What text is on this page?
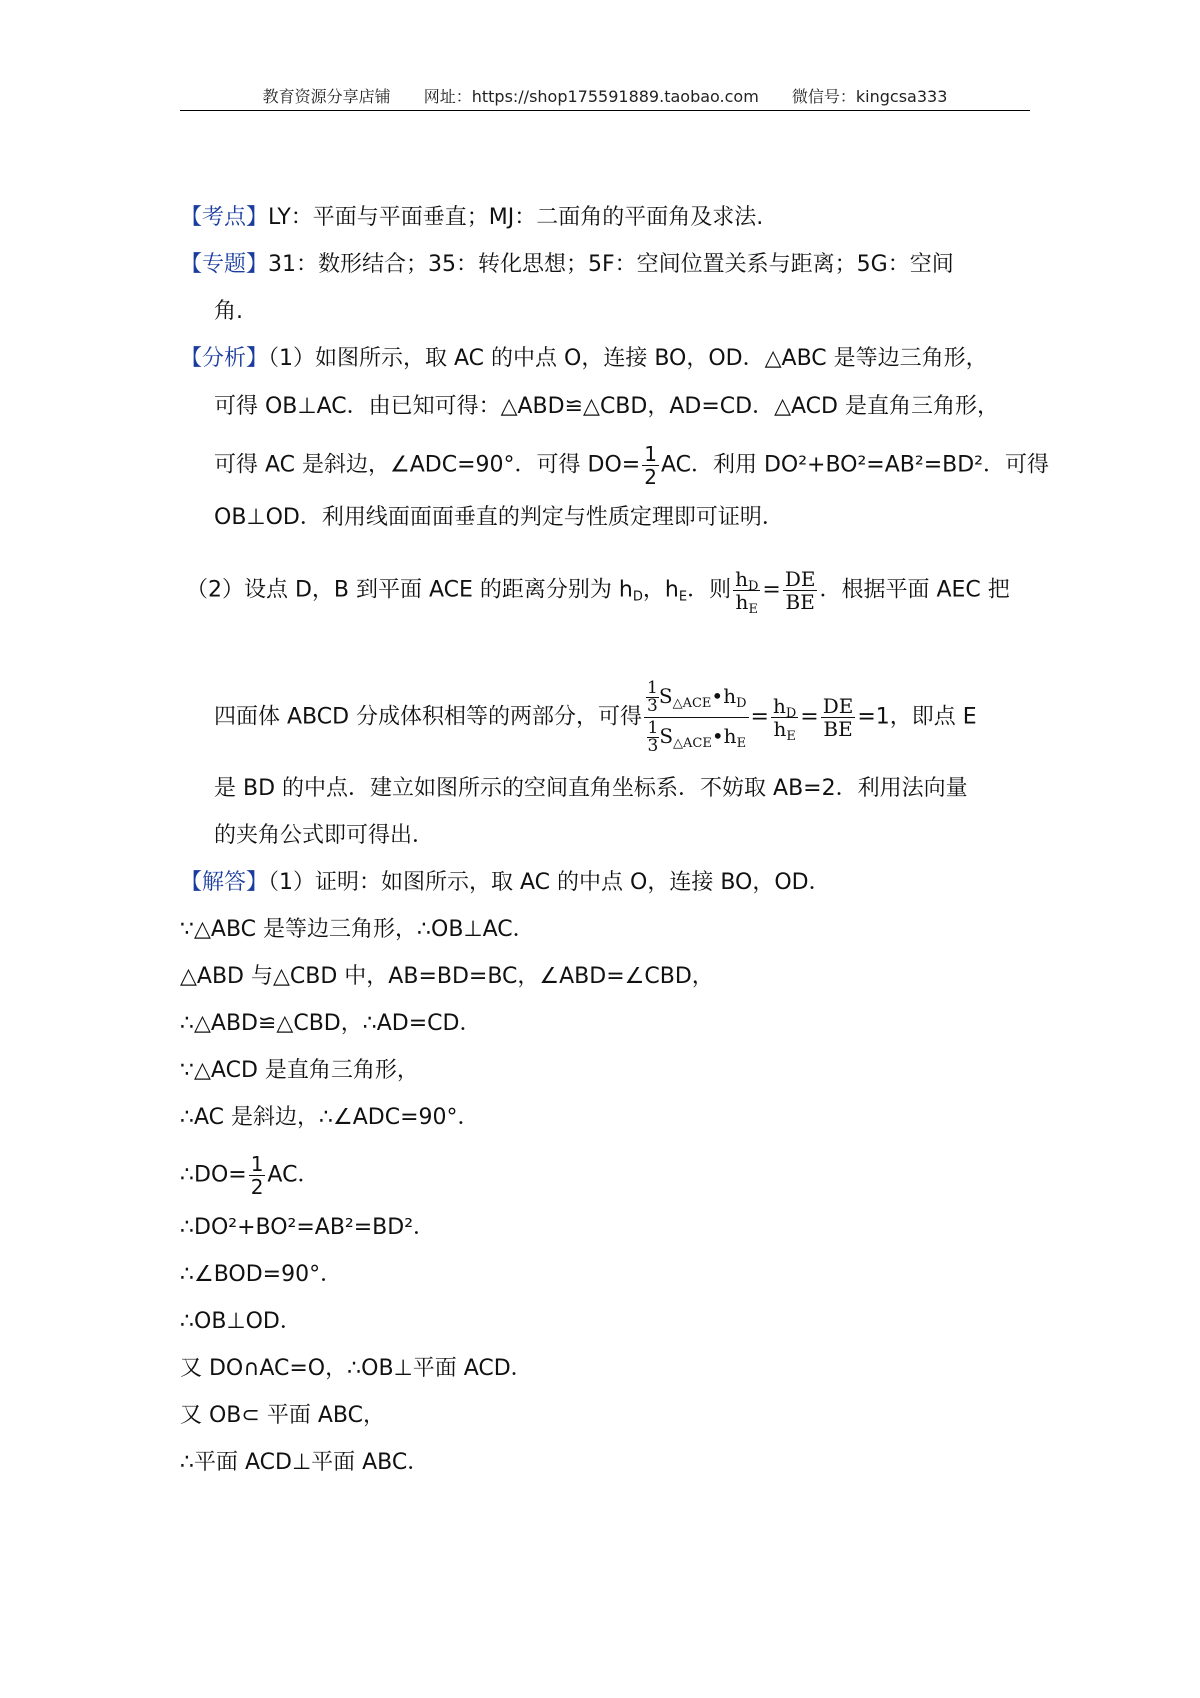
教育资源分享店铺 网址：https://shop175591889.taobao.com 微信号：kingcsa333
【考点】LY：平面与平面垂直；MJ：二面角的平面角及求法.
【专题】31：数形结合；35：转化思想；5F：空间位置关系与距离；5G：空间
角.
【分析】（1）如图所示，取 AC 的中点 O，连接 BO，OD．△ABC 是等边三角形，
可得 OB⊥AC．由已知可得：△ABD≌△CBD，AD=CD．△ACD 是直角三角形，
可得 AC 是斜边，∠ADC=90°．可得 $DO= \frac{1}{2}$ AC．利用 DO²+BO²=AB²=BD²．可得
OB⊥OD．利用线面面面垂直的判定与性质定理即可证明．
（2）设点 D，B 到平面 ACE 的距离分别为 $h_D$，$h_E$．则 $\frac{h_D}{h_E} = \frac{DE}{BE}$ ．根据平面 AEC 把
四面体 ABCD 分成体积相等的两部分，可得 $\frac{\frac{1}{3} S_{\triangle ACE}•h_D}{\frac{1}{3} S_{\triangle ACE}•h_E} = \frac{h_D}{h_E} = \frac{DE}{BE} =1$，即点 E
是 BD 的中点．建立如图所示的空间直角坐标系．不妨取 AB=2．利用法向量
的夹角公式即可得出．
【解答】（1）证明：如图所示，取 AC 的中点 O，连接 BO，OD．
∵△ABC 是等边三角形，∴OB⊥AC．
△ABD 与△CBD 中，AB=BD=BC，∠ABD=∠CBD，
∴△ABD≌△CBD，∴AD=CD．
∵△ACD 是直角三角形，
∴AC 是斜边，∴∠ADC=90°．
∴DO= $\frac{1}{2}$ AC．
∴DO²+BO²=AB²=BD²．
∴∠BOD=90°．
∴OB⊥OD．
又 DO∩AC=O，∴OB⊥平面 ACD．
又 OB⊂ 平面 ABC，
∴平面 ACD⊥平面 ABC．
